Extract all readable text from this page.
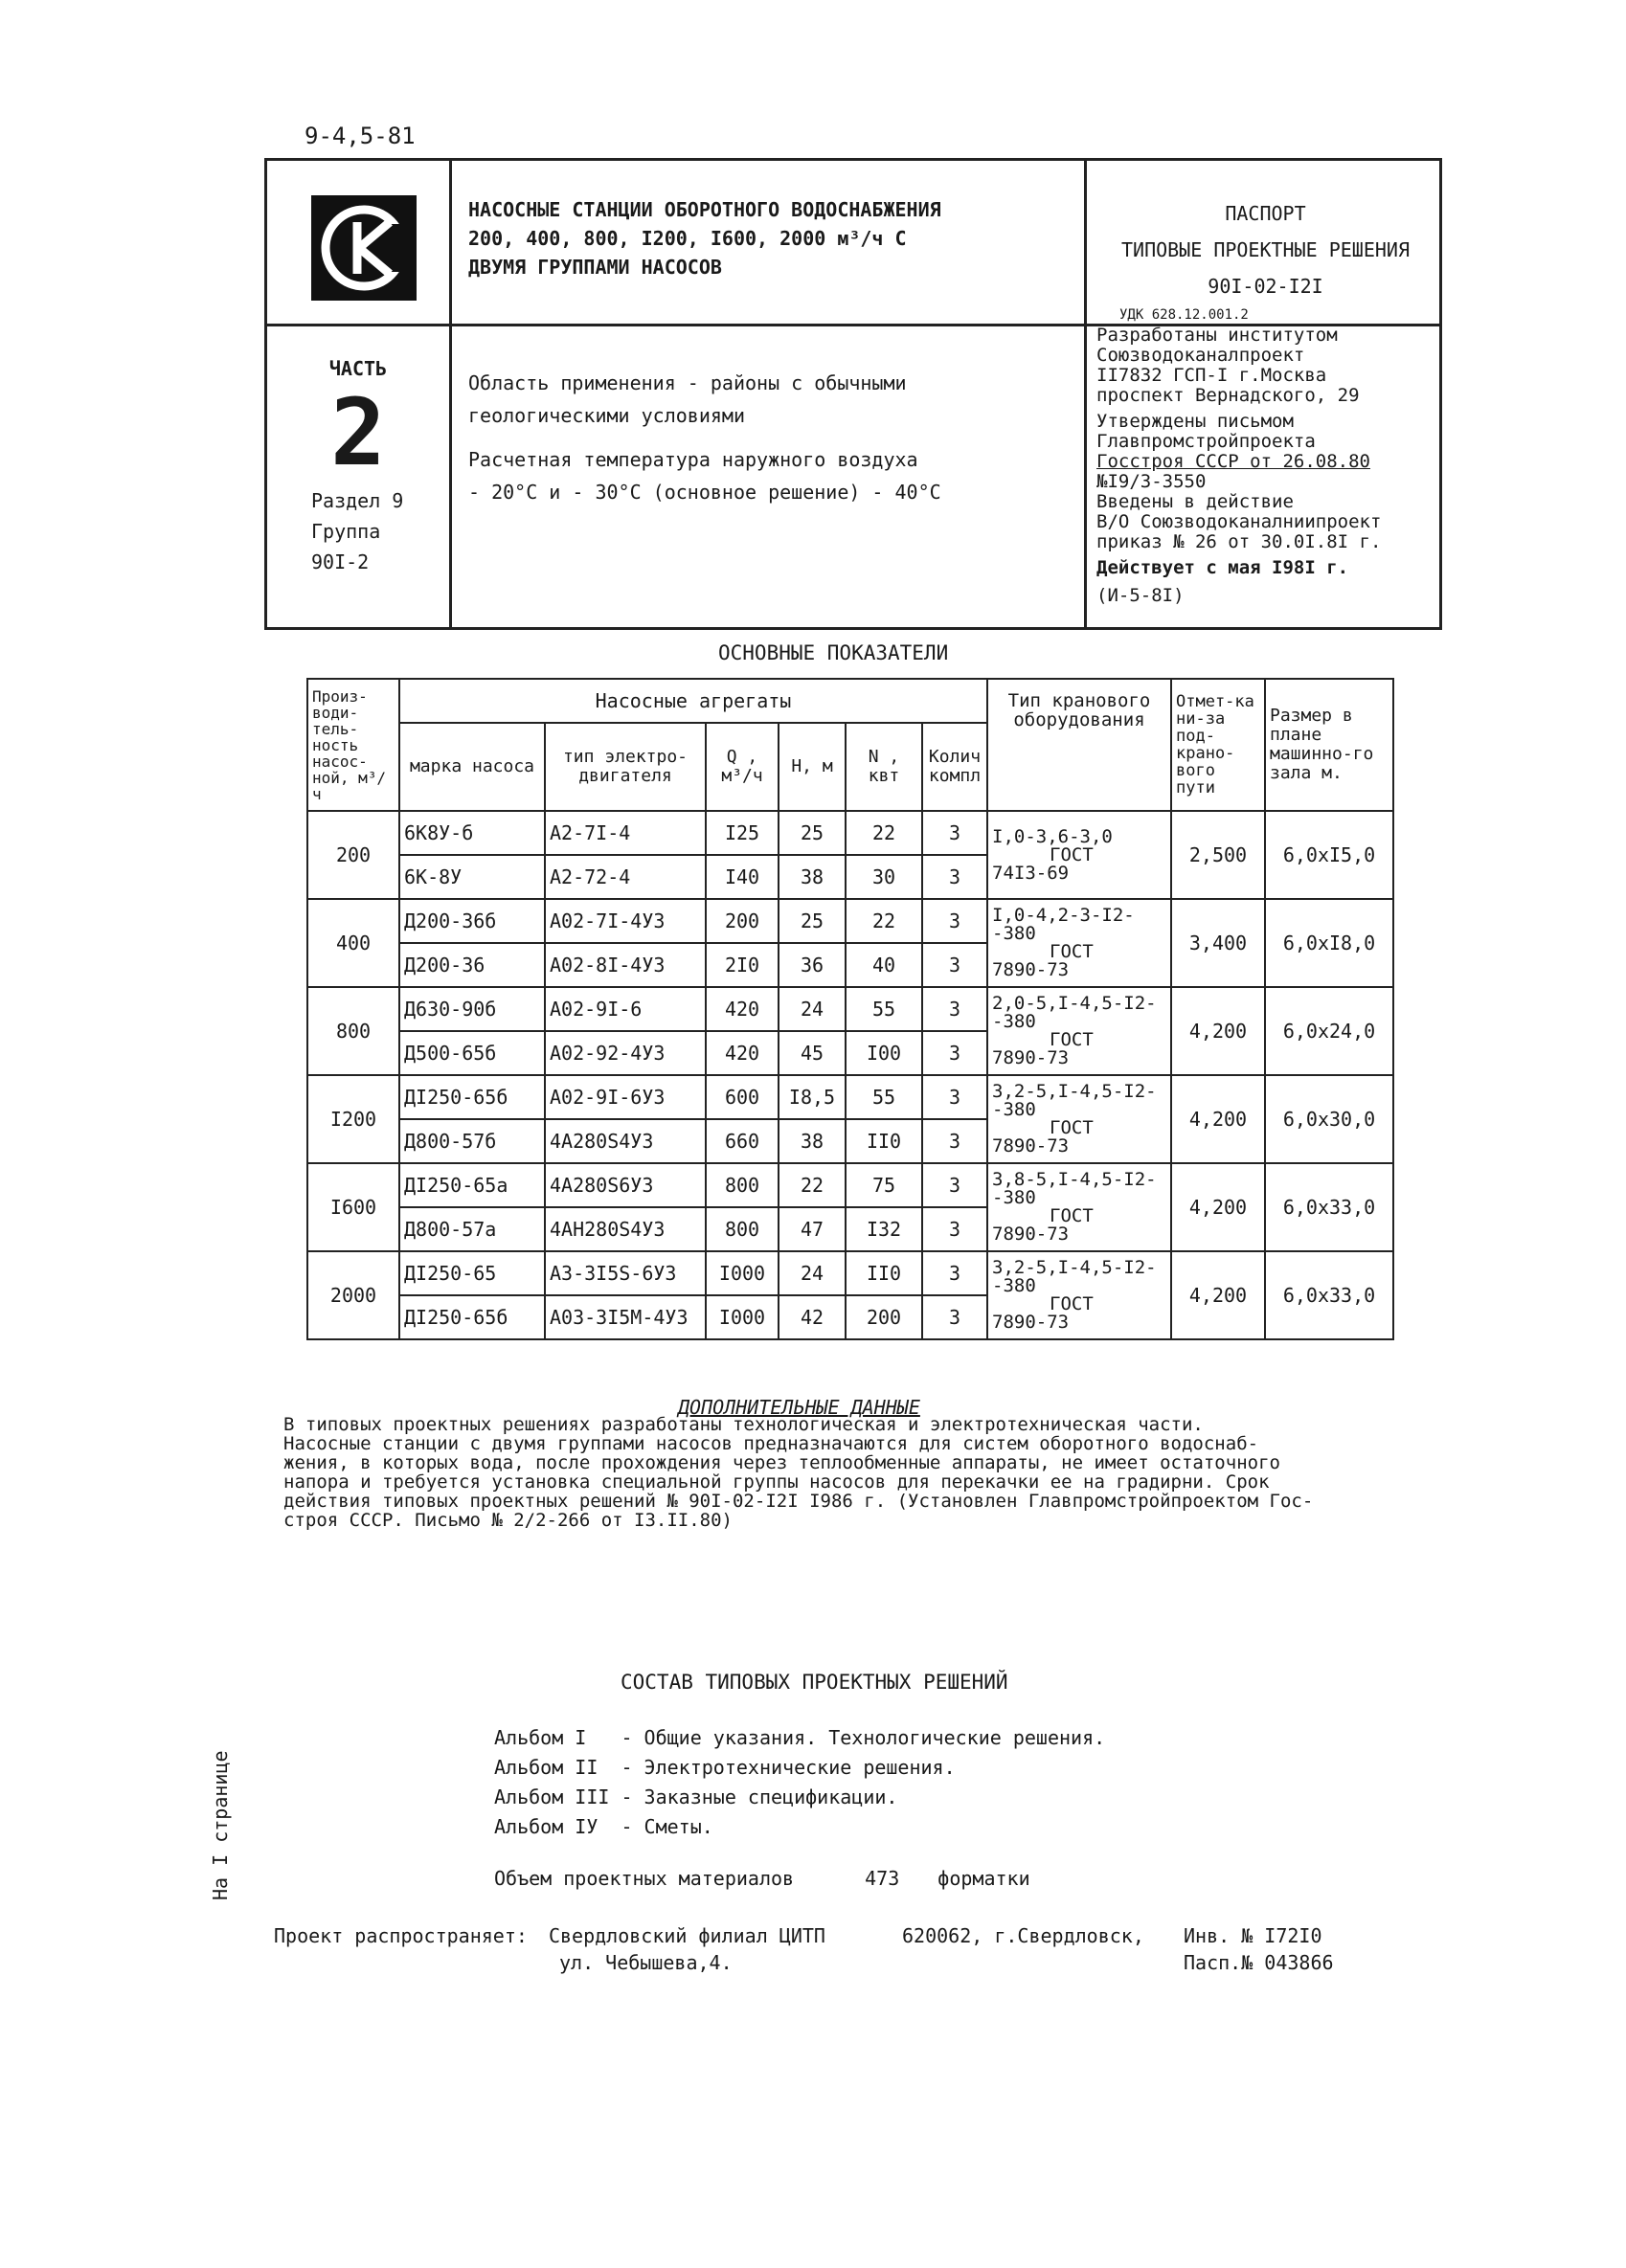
9-4,5-81
НАСОСНЫЕ СТАНЦИИ ОБОРОТНОГО ВОДОСНАБЖЕНИЯ
200, 400, 800, I200, I600, 2000 м³/ч С
ДВУМЯ ГРУППАМИ НАСОСОВ
ПАСПОРТ
ТИПОВЫЕ ПРОЕКТНЫЕ РЕШЕНИЯ
90I-02-I2I
УДК 628.12.001.2
ЧАСТЬ
2
Раздел 9
Группа
90I-2
Область применения - районы с обычными
геологическими условиями
Расчетная температура наружного воздуха
- 20°С и - 30°С (основное решение) - 40°С
Разработаны институтом
Союзводоканалпроект
II7832 ГСП-I г.Москва
проспект Вернадского, 29
Утверждены письмом
Главпромстройпроекта
Госстроя СССР от 26.08.80
№I9/3-3550
Введены в действие
В/О Союзводоканалниипроект
приказ № 26 от 30.0I.8I г.
Действует с мая I98I г.
(И-5-8I)
ОСНОВНЫЕ ПОКАЗАТЕЛИ
Произ-води-тель-ность насос-ной, м³/ч	Насосные агрегаты						Тип кранового оборудования	Отмет-ка ни-за под-крано-вого пути	Размер в плане машинно-го зала м.
	марка насоса	тип электро-двигателя	Q , м³/ч	Н, м	N , квт	Колич компл			
200	6К8У-б	А2-7I-4	I25	25	22	3	I,0-3,6-3,0
ГОСТ
74I3-69	2,500	6,0xI5,0
	6К-8У	А2-72-4	I40	38	30	3			
400	Д200-36б	А02-7I-4У3	200	25	22	3	I,0-4,2-3-I2-
-380
ГОСТ
7890-73	3,400	6,0xI8,0
	Д200-36	А02-8I-4У3	2I0	36	40	3			
800	Д630-90б	А02-9I-6	420	24	55	3	2,0-5,I-4,5-I2-
-380
ГОСТ
7890-73	4,200	6,0x24,0
	Д500-65б	А02-92-4У3	420	45	I00	3			
I200	ДI250-65б	А02-9I-6У3	600	I8,5	55	3	3,2-5,I-4,5-I2-
-380
ГОСТ
7890-73	4,200	6,0x30,0
	Д800-57б	4А280S4У3	660	38	II0	3			
I600	ДI250-65а	4А280S6У3	800	22	75	3	3,8-5,I-4,5-I2-
-380
ГОСТ
7890-73	4,200	6,0x33,0
	Д800-57а	4АН280S4У3	800	47	I32	3			
2000	ДI250-65	А3-3I5S-6У3	I000	24	II0	3	3,2-5,I-4,5-I2-
-380
ГОСТ
7890-73	4,200	6,0x33,0
	ДI250-65б	А03-3I5М-4У3	I000	42	200	3			
ДОПОЛНИТЕЛЬНЫЕ ДАННЫЕ
В типовых проектных решениях разработаны технологическая и электротехническая части.
Насосные станции с двумя группами насосов предназначаются для систем оборотного водоснаб-
жения, в которых вода, после прохождения через теплообменные аппараты, не имеет остаточного
напора и требуется установка специальной группы насосов для перекачки ее на градирни. Срок
действия типовых проектных решений № 90I-02-I2I I986 г. (Установлен Главпромстройпроектом Гос-
строя СССР. Письмо № 2/2-266 от I3.II.80)
СОСТАВ ТИПОВЫХ ПРОЕКТНЫХ РЕШЕНИЙ
Альбом I   - Общие указания. Технологические решения.
Альбом II  - Электротехнические решения.
Альбом III - Заказные спецификации.
Альбом IУ  - Сметы.
Объем проектных материалов	473 форматки
Проект распространяет: Свердловский филиал ЦИТП	620062, г.Свердловск, Инв. № I72I0
ул. Чебышева,4.	Пасп.№ 043866
На I странице
